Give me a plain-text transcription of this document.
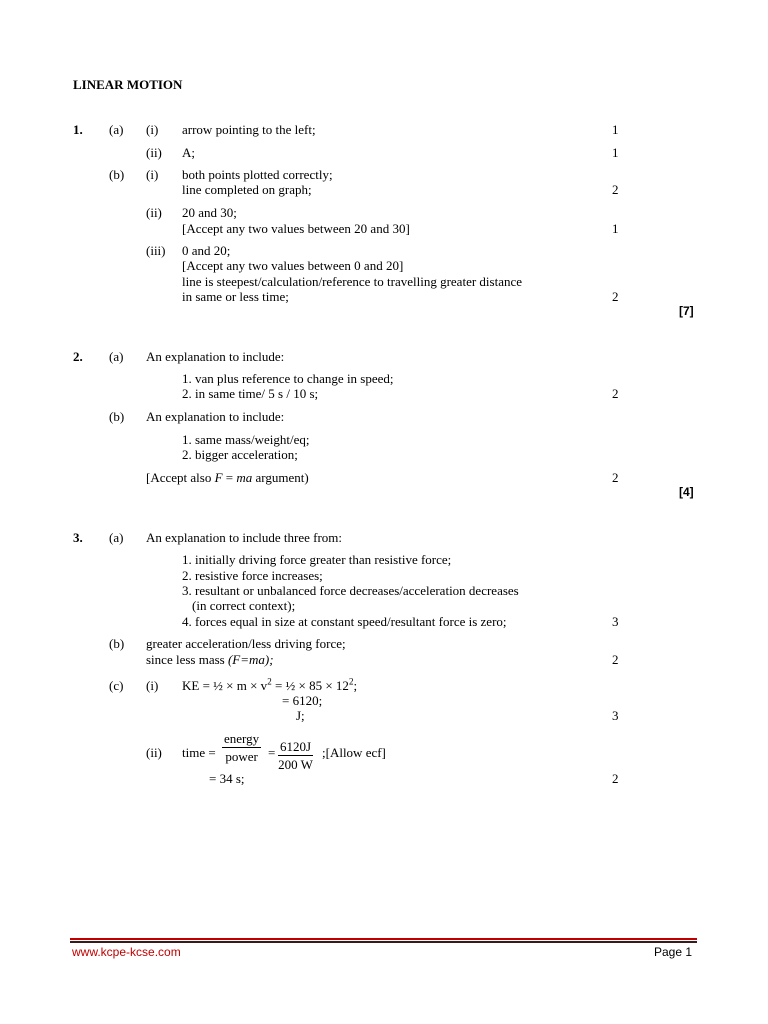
LINEAR MOTION
1. (a) (i) arrow pointing to the left;	1
(ii) A;	1
(b) (i) both points plotted correctly;
line completed on graph;	2
(ii) 20 and 30;
[Accept any two values between 20 and 30]	1
(iii) 0 and 20;
[Accept any two values between 0 and 20]
line is steepest/calculation/reference to travelling greater distance
in same or less time;	2
[7]
2. (a) An explanation to include:
1. van plus reference to change in speed;
2. in same time/ 5 s / 10 s;	2
(b) An explanation to include:
1. same mass/weight/eq;
2. bigger acceleration;
[Accept also F = ma argument)	2
[4]
3. (a) An explanation to include three from:
1. initially driving force greater than resistive force;
2. resistive force increases;
3. resultant or unbalanced force decreases/acceleration decreases
(in correct context);
4. forces equal in size at constant speed/resultant force is zero;	3
(b) greater acceleration/less driving force;
since less mass (F=ma);	2
(c) (i) KE = ½ × $m \times v^2$ = ½ × $85 \times 12^2$;
= 6120;
J;	3
(ii) time =
energy
power = $\frac{6120J}{200 W}$ ;[Allow ecf]
= 34 s;	2
www.kcpe-kcse.com	Page 1
